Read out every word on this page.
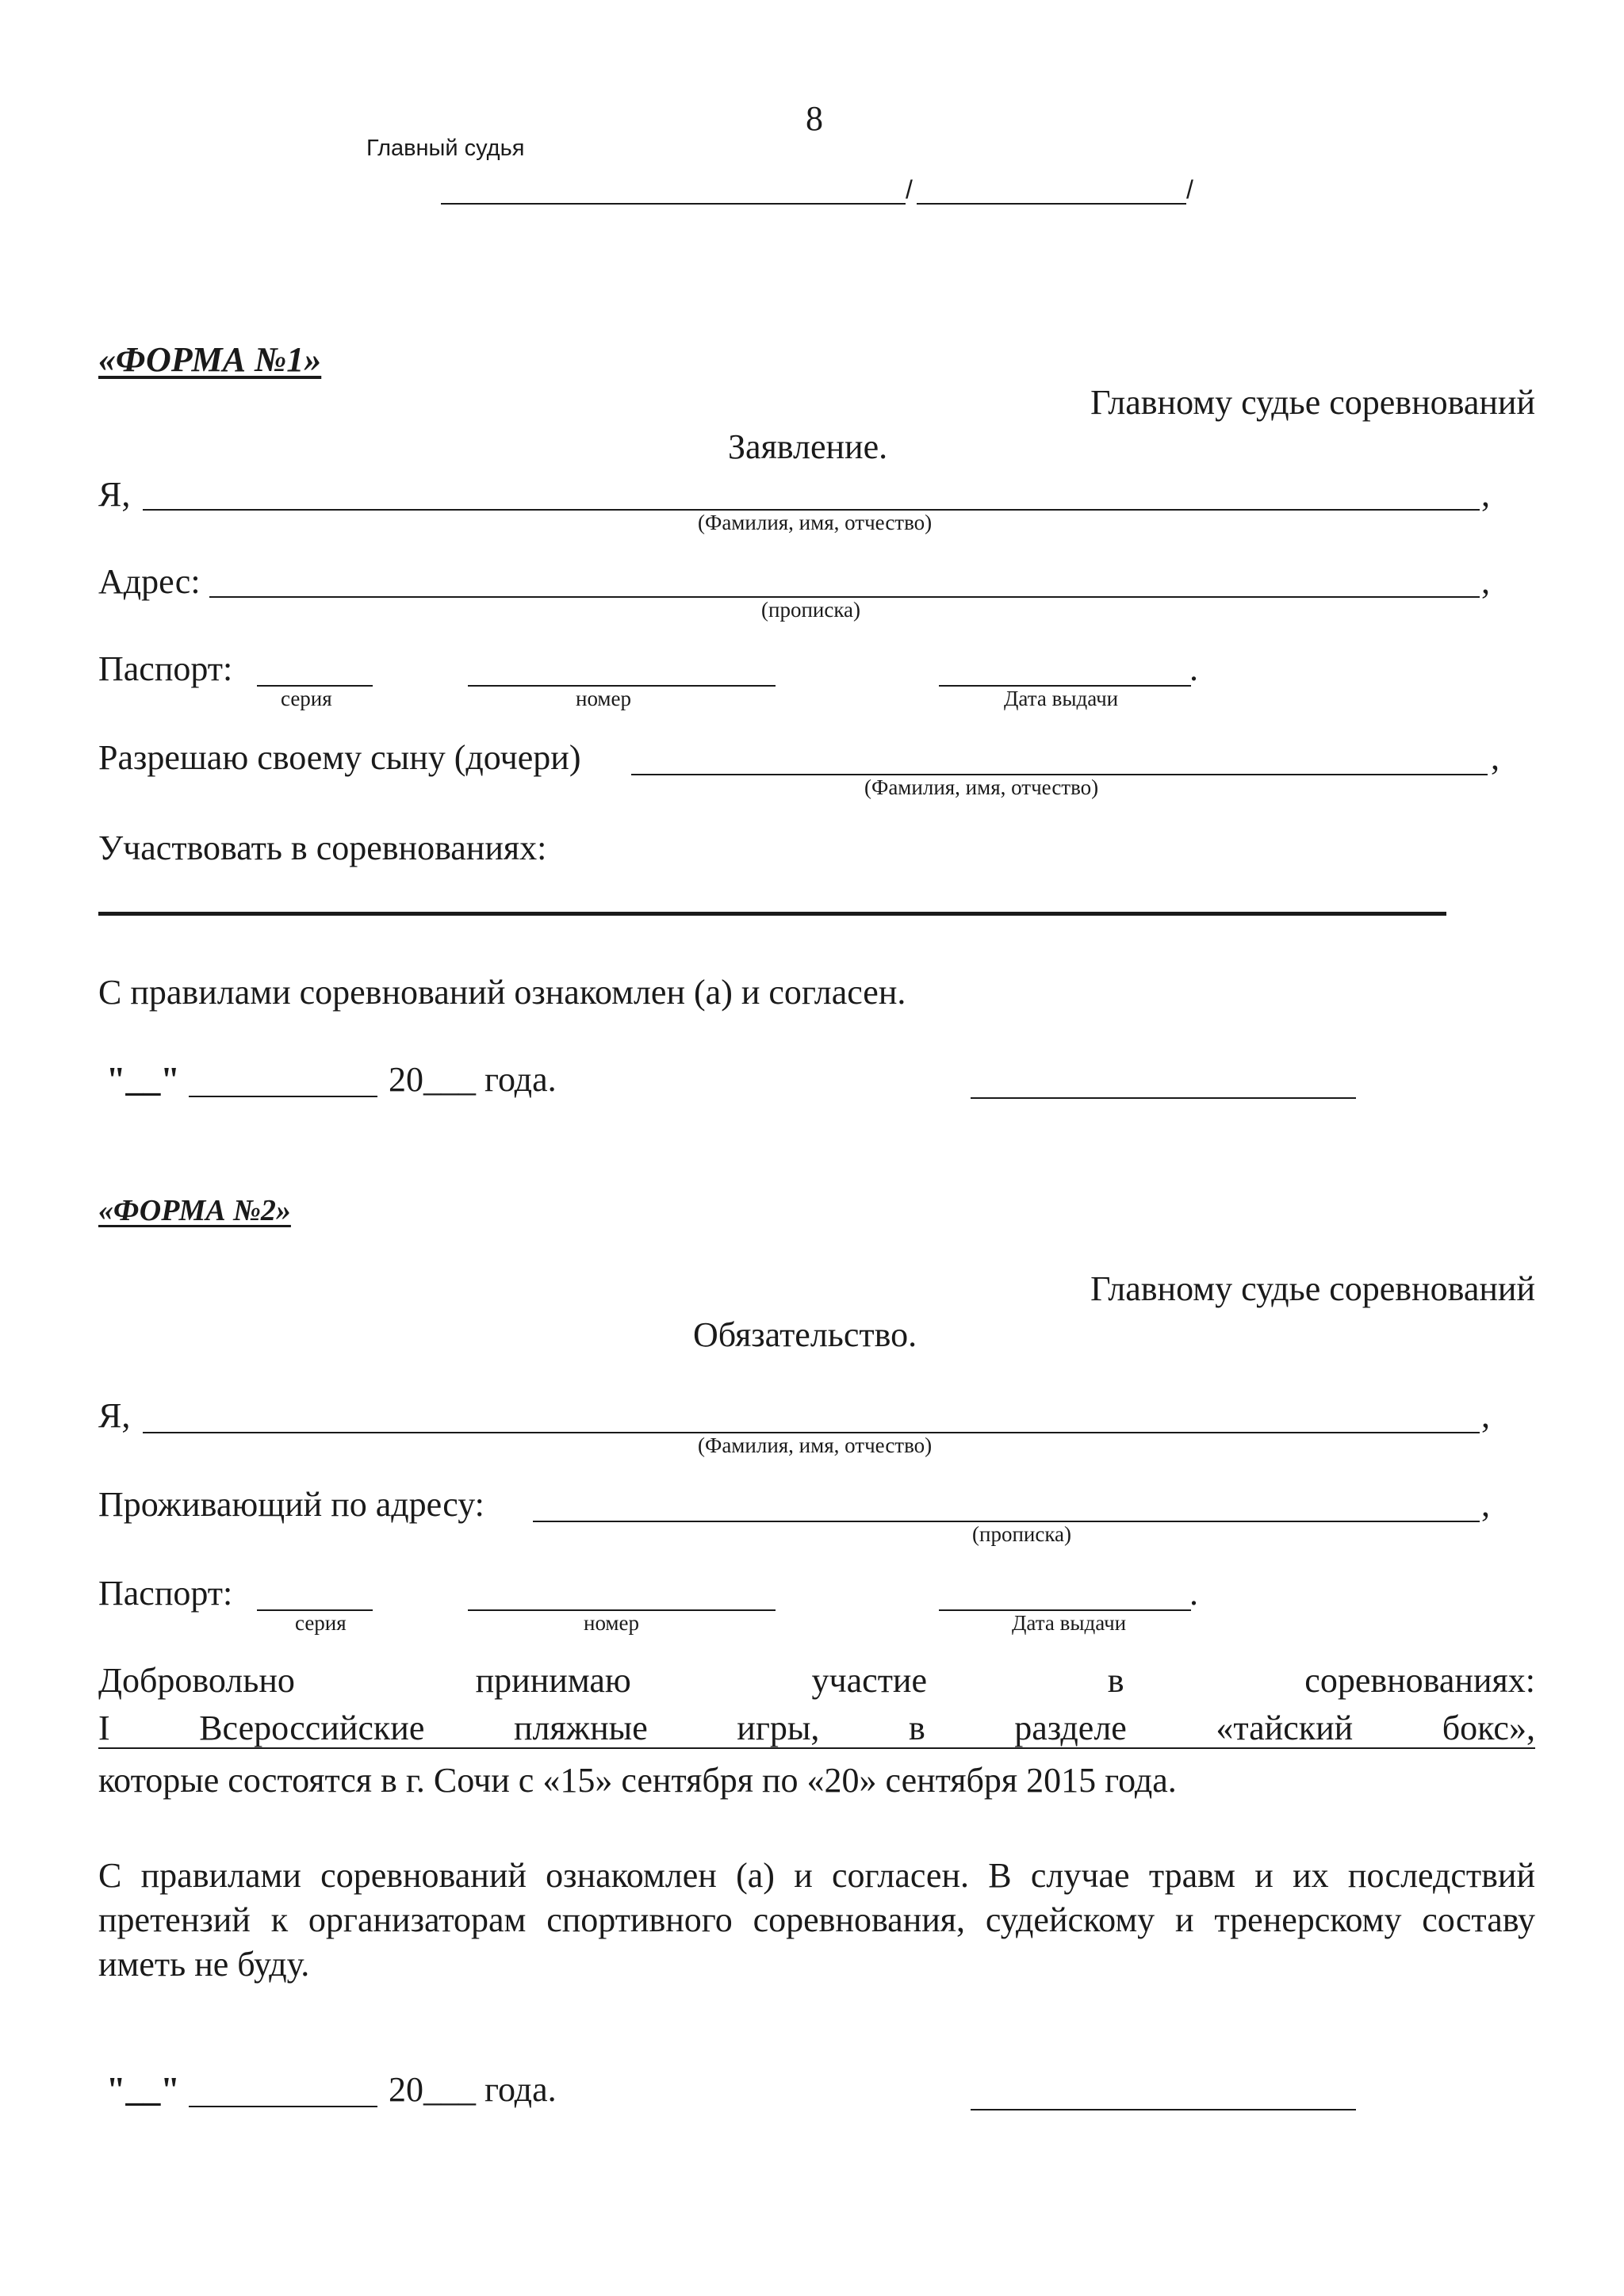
8
Главный судья
/	/
«ФОРМА №1»
Главному судье соревнований
Заявление.
Я,	,
(Фамилия, имя, отчество)
Адрес:	,
(прописка)
Паспорт:	.
серия	номер	Дата выдачи
Разрешаю своему сыну (дочери)	,
(Фамилия, имя, отчество)
Участвовать в соревнованиях:
С правилами соревнований ознакомлен (а) и согласен.
"__"	20___ года.
«ФОРМА №2»
Главному судье соревнований
Обязательство.
Я,	,
(Фамилия, имя, отчество)
Проживающий по адресу:	,
(прописка)
Паспорт:	.
серия	номер	Дата выдачи
Добровольно	принимаю	участие	в	соревнованиях:
I	Всероссийские	пляжные	игры,	в	разделе	«тайский	бокс»,
которые состоятся в г. Сочи с «15» сентября по «20» сентября 2015 года.
С правилами соревнований ознакомлен (а) и согласен. В случае травм и их последствий претензий к организаторам спортивного соревнования, судейскому и тренерскому составу иметь не буду.
"__"	20___ года.
